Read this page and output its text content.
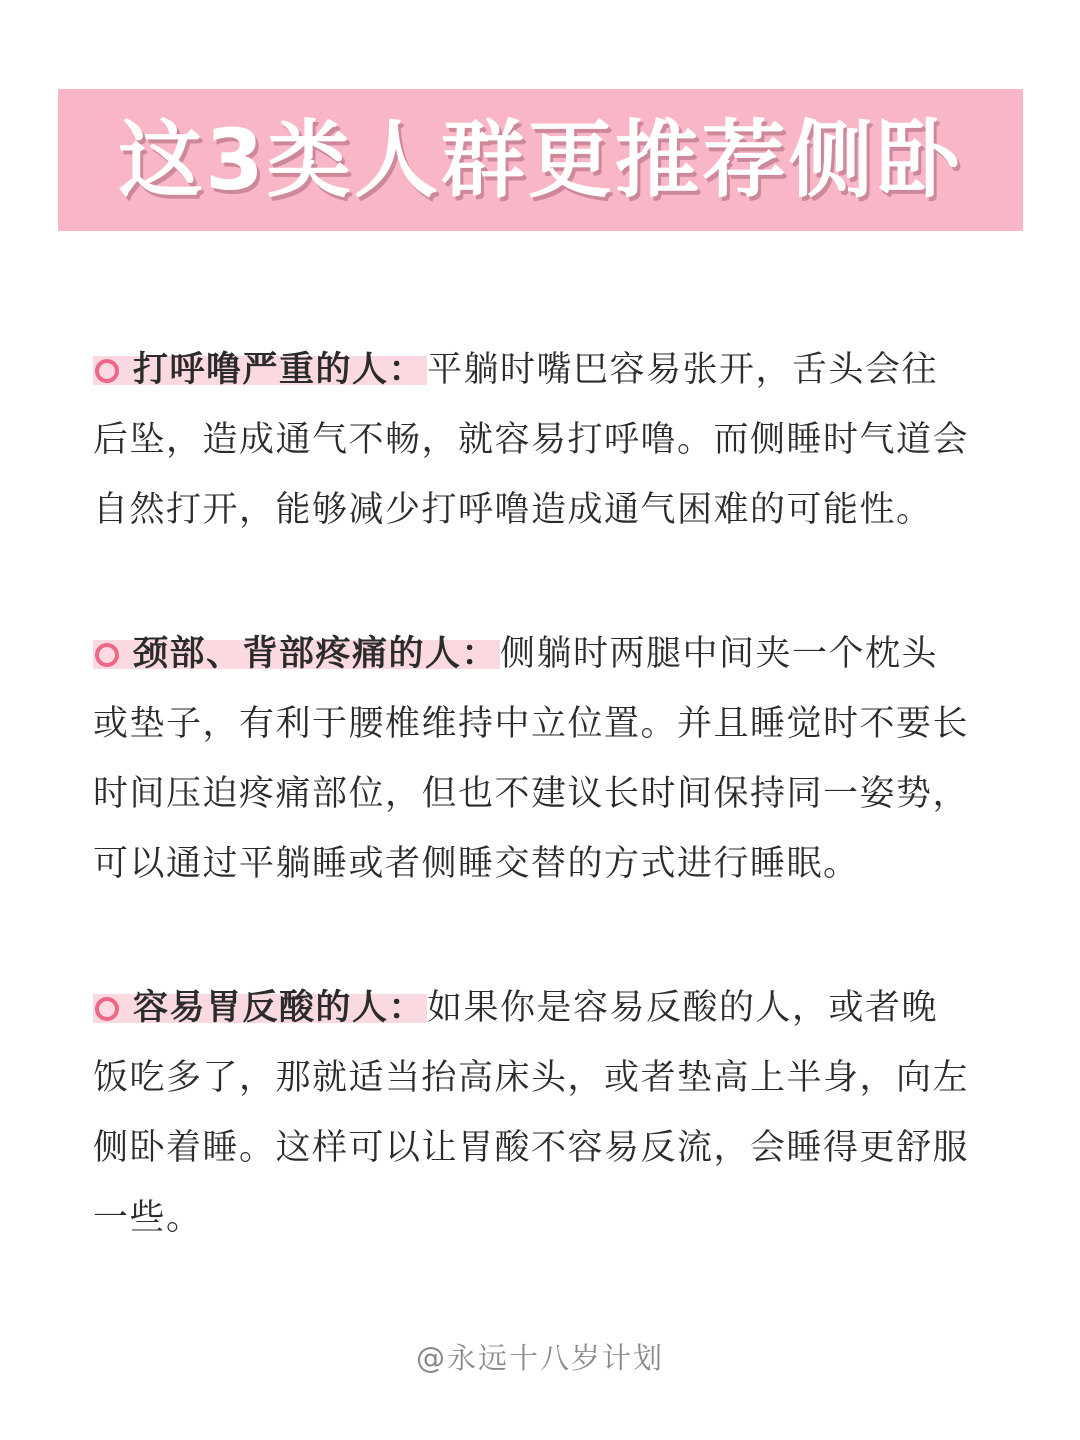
这3类人群更推荐侧卧
打呼噜严重的人：平躺时嘴巴容易张开，舌头会往后坠，造成通气不畅，就容易打呼噜。而侧睡时气道会自然打开，能够减少打呼噜造成通气困难的可能性。
颈部、背部疼痛的人：侧躺时两腿中间夹一个枕头或垫子，有利于腰椎维持中立位置。并且睡觉时不要长时间压迫疼痛部位，但也不建议长时间保持同一姿势，可以通过平躺睡或者侧睡交替的方式进行睡眠。
容易胃反酸的人：如果你是容易反酸的人，或者晚饭吃多了，那就适当抬高床头，或者垫高上半身，向左侧卧着睡。这样可以让胃酸不容易反流，会睡得更舒服一些。
@永远十八岁计划
